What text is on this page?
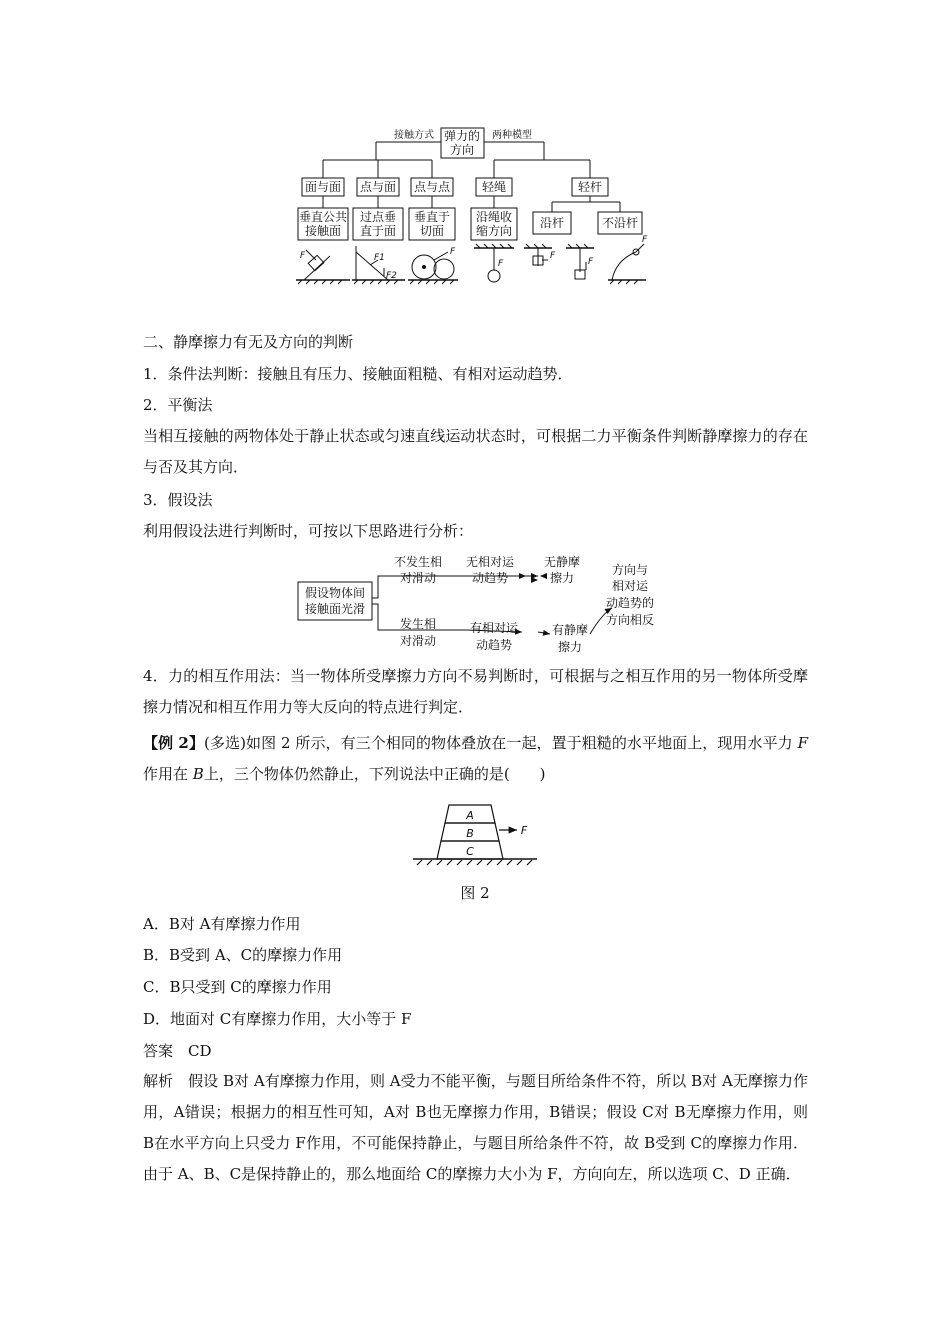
弹力的
方向
接触方式	两种模型
面与面 点与面 点与点	轻绳	轻杆
垂直公共
接触面
过点垂
直于面
垂直于
切面
沿绳收
缩方向
沿杆	不沿杆
F	F1
F2
F
F
F
F
F
二、静摩擦力有无及方向的判断
1．条件法判断：接触且有压力、接触面粗糙、有相对运动趋势．
2．平衡法
当相互接触的两物体处于静止状态或匀速直线运动状态时，可根据二力平衡条件判断静摩擦力的存在与否及其方向．
3．假设法
利用假设法进行判断时，可按以下思路进行分析：
假设物体间
接触面光滑
不发生相
对滑动
无相对运
动趋势
无静摩
擦力
发生相
对滑动
有相对运
动趋势
有静摩
擦力
方向与
相对运
动趋势的
方向相反
4．力的相互作用法：当一物体所受摩擦力方向不易判断时，可根据与之相互作用的另一物体所受摩擦力情况和相互作用力等大反向的特点进行判定．
【例 2】(多选)如图 2 所示，有三个相同的物体叠放在一起，置于粗糙的水平地面上，现用水平力 F作用在 B上，三个物体仍然静止，下列说法中正确的是(　　)
A
B
C
F
图 2
A．B对 A有摩擦力作用
B．B受到 A、C的摩擦力作用
C．B只受到 C的摩擦力作用
D．地面对 C有摩擦力作用，大小等于 F
答案　CD
解析　假设 B对 A有摩擦力作用，则 A受力不能平衡，与题目所给条件不符，所以 B对 A无摩擦力作用，A错误；根据力的相互性可知，A对 B也无摩擦力作用，B错误；假设 C对 B无摩擦力作用，则 B在水平方向上只受力 F作用，不可能保持静止，与题目所给条件不符，故 B受到 C的摩擦力作用．由于 A、B、C是保持静止的，那么地面给 C的摩擦力大小为 F，方向向左，所以选项 C、D 正确．
